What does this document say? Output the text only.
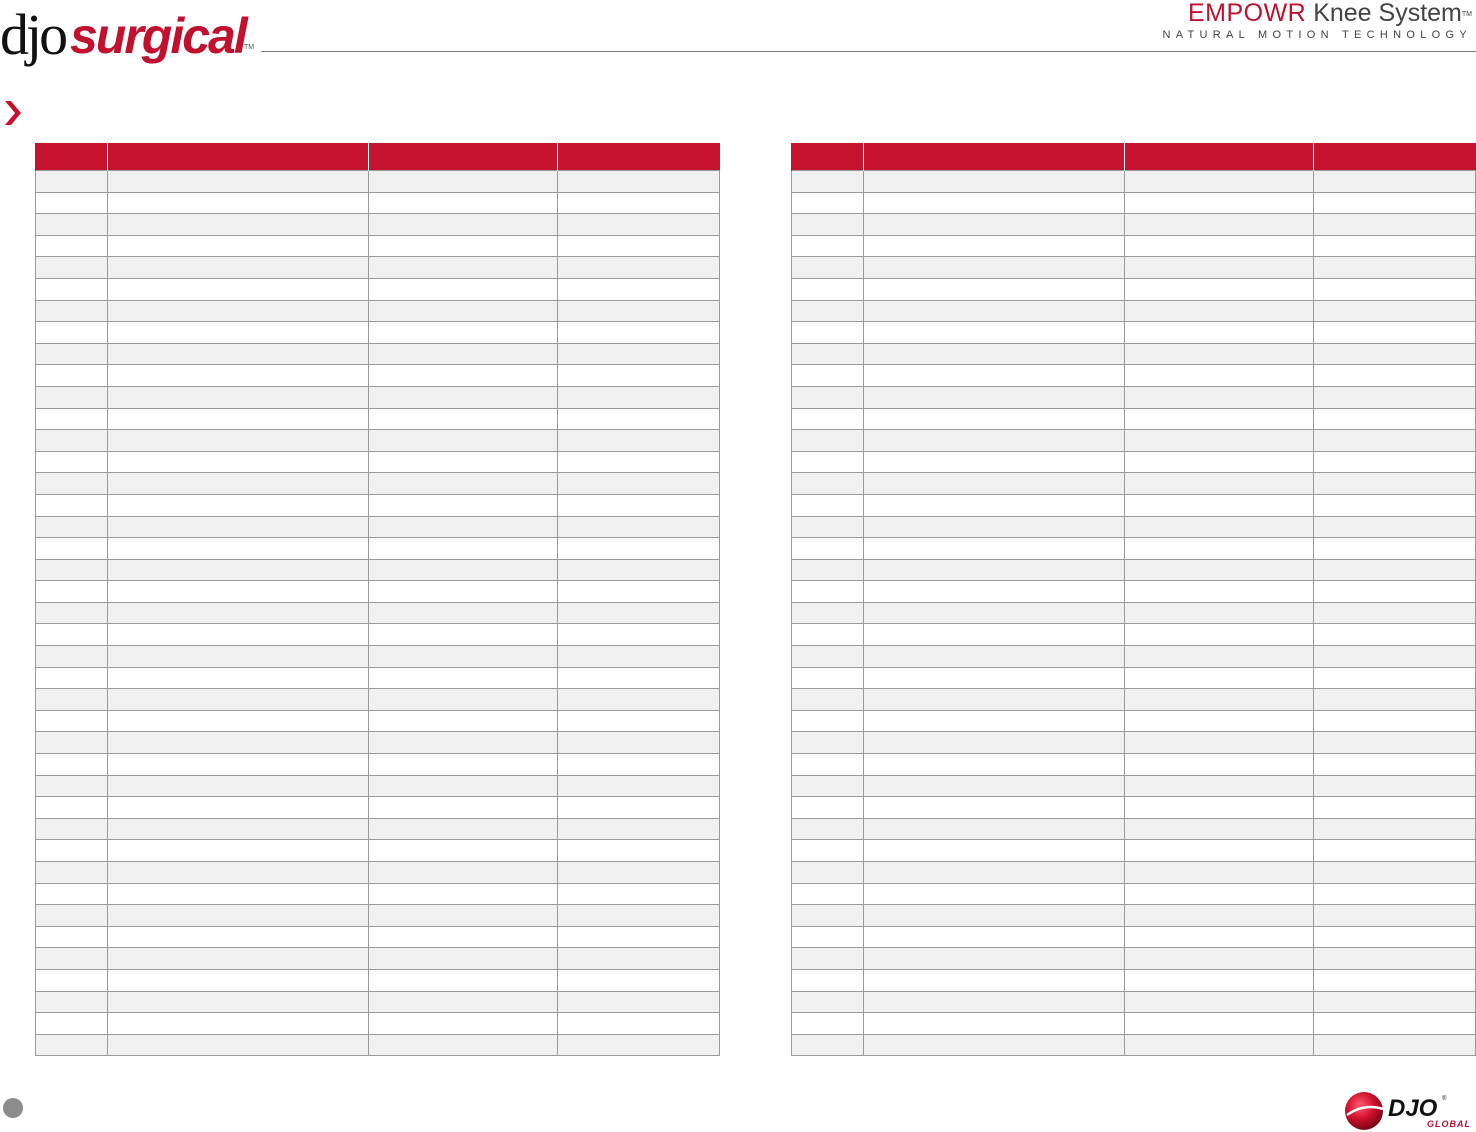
djo surgical
TM
EMPOWR Knee System™
NATURAL MOTION TECHNOLOGY

DJO ®
GLOBAL
